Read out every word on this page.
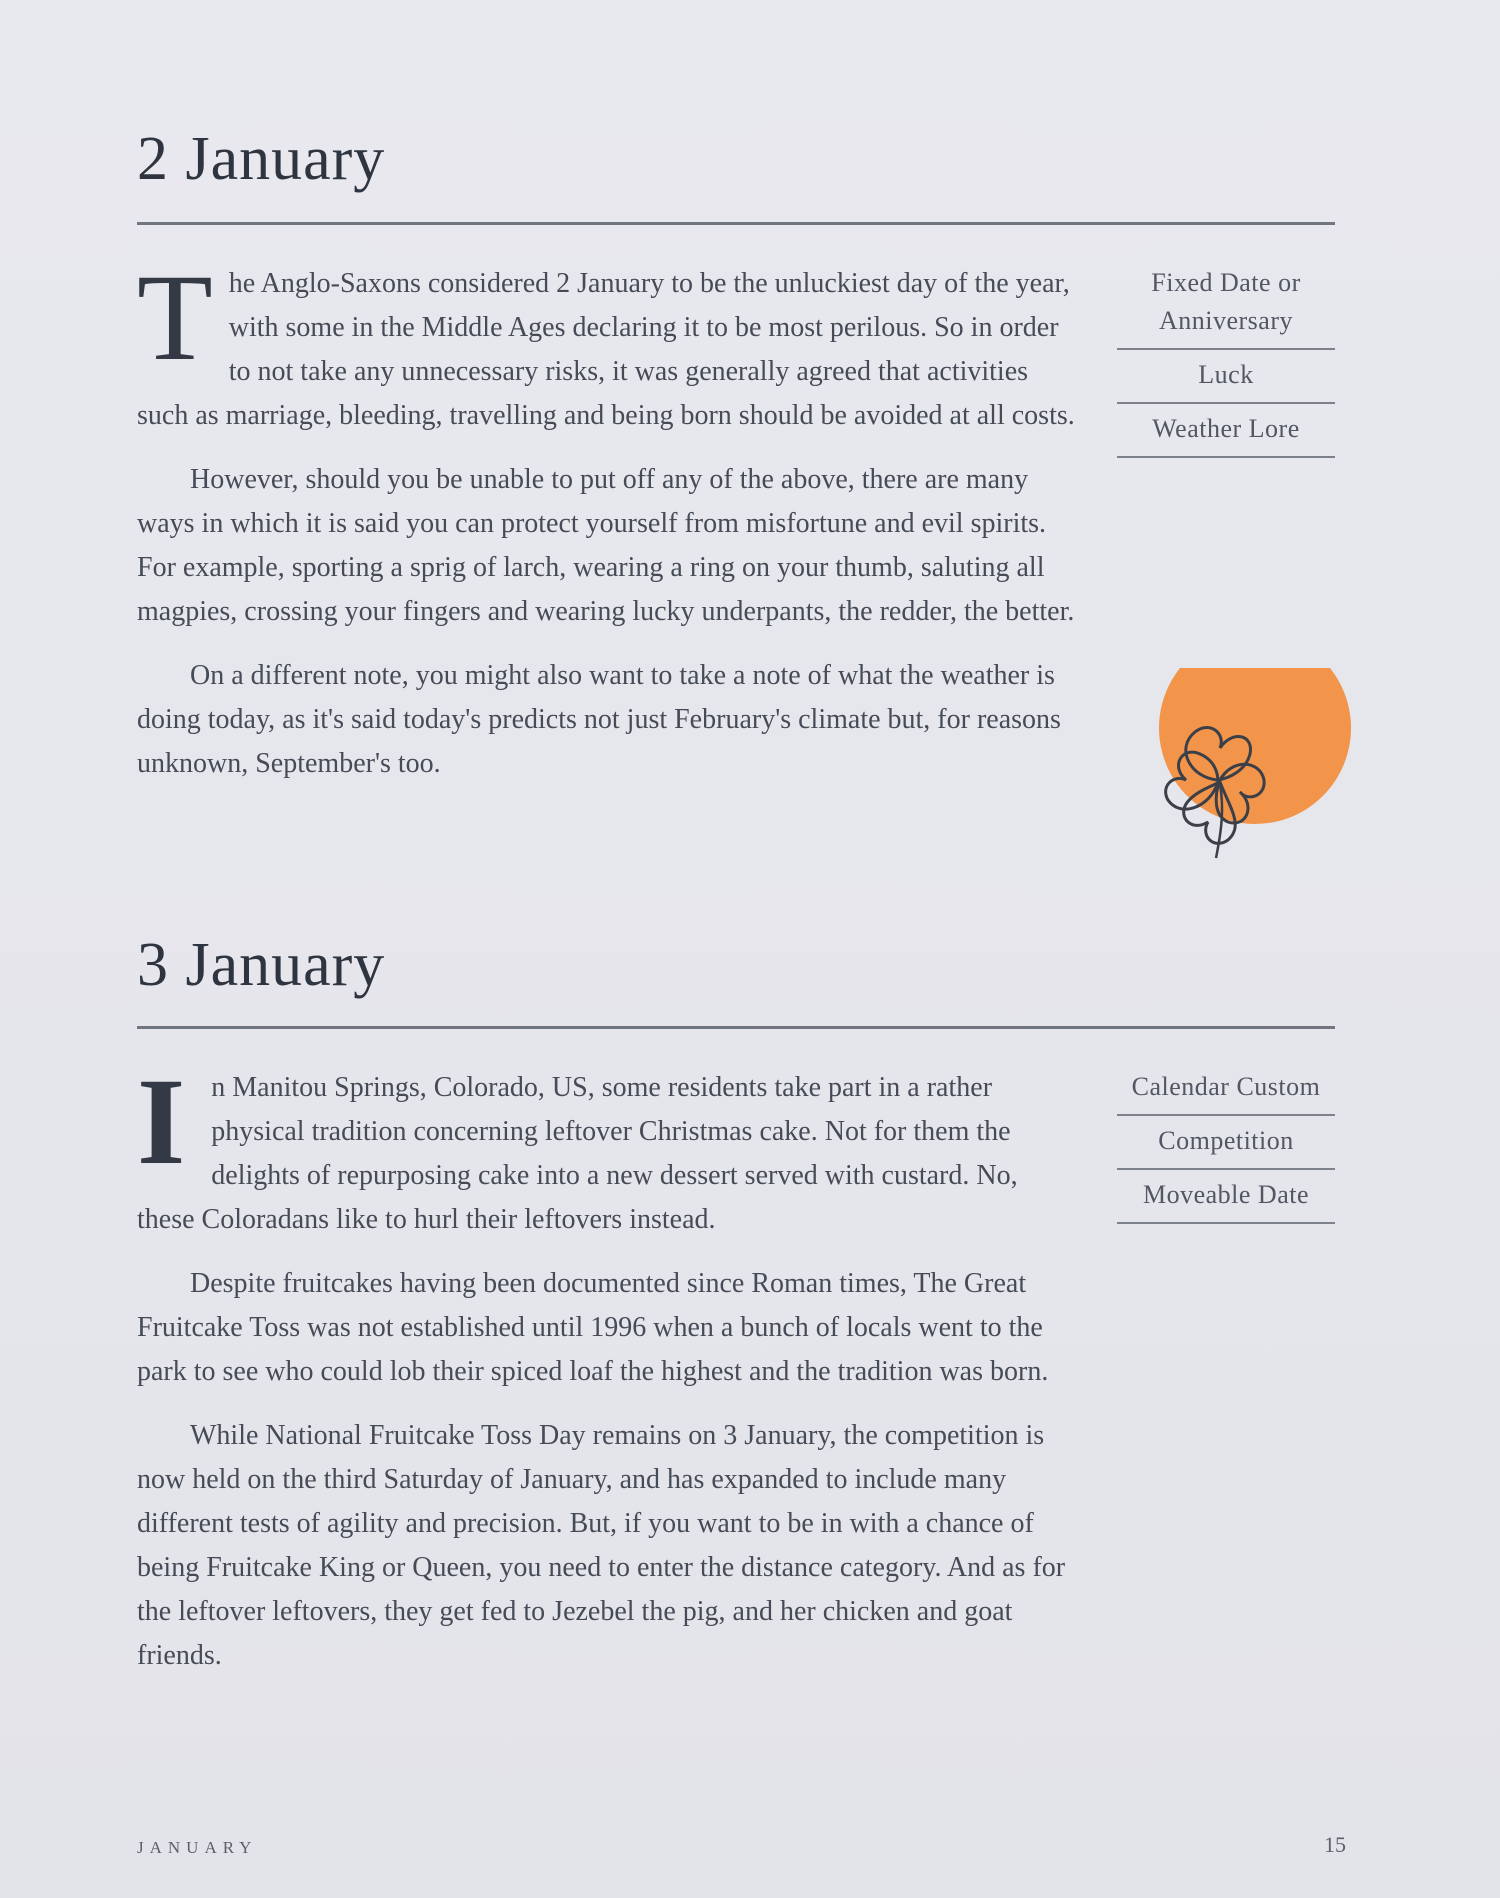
2 January

The Anglo-Saxons considered 2 January to be the unluckiest day of the year, with some in the Middle Ages declaring it to be most perilous. So in order to not take any unnecessary risks, it was generally agreed that activities such as marriage, bleeding, travelling and being born should be avoided at all costs.

However, should you be unable to put off any of the above, there are many ways in which it is said you can protect yourself from misfortune and evil spirits. For example, sporting a sprig of larch, wearing a ring on your thumb, saluting all magpies, crossing your fingers and wearing lucky underpants, the redder, the better.

On a different note, you might also want to take a note of what the weather is doing today, as it's said today's predicts not just February's climate but, for reasons unknown, September's too.

Fixed Date or Anniversary
Luck
Weather Lore
3 January

In Manitou Springs, Colorado, US, some residents take part in a rather physical tradition concerning leftover Christmas cake. Not for them the delights of repurposing cake into a new dessert served with custard. No, these Coloradans like to hurl their leftovers instead.

Despite fruitcakes having been documented since Roman times, The Great Fruitcake Toss was not established until 1996 when a bunch of locals went to the park to see who could lob their spiced loaf the highest and the tradition was born.

While National Fruitcake Toss Day remains on 3 January, the competition is now held on the third Saturday of January, and has expanded to include many different tests of agility and precision. But, if you want to be in with a chance of being Fruitcake King or Queen, you need to enter the distance category. And as for the leftover leftovers, they get fed to Jezebel the pig, and her chicken and goat friends.

Calendar Custom
Competition
Moveable Date
JANUARY	15
